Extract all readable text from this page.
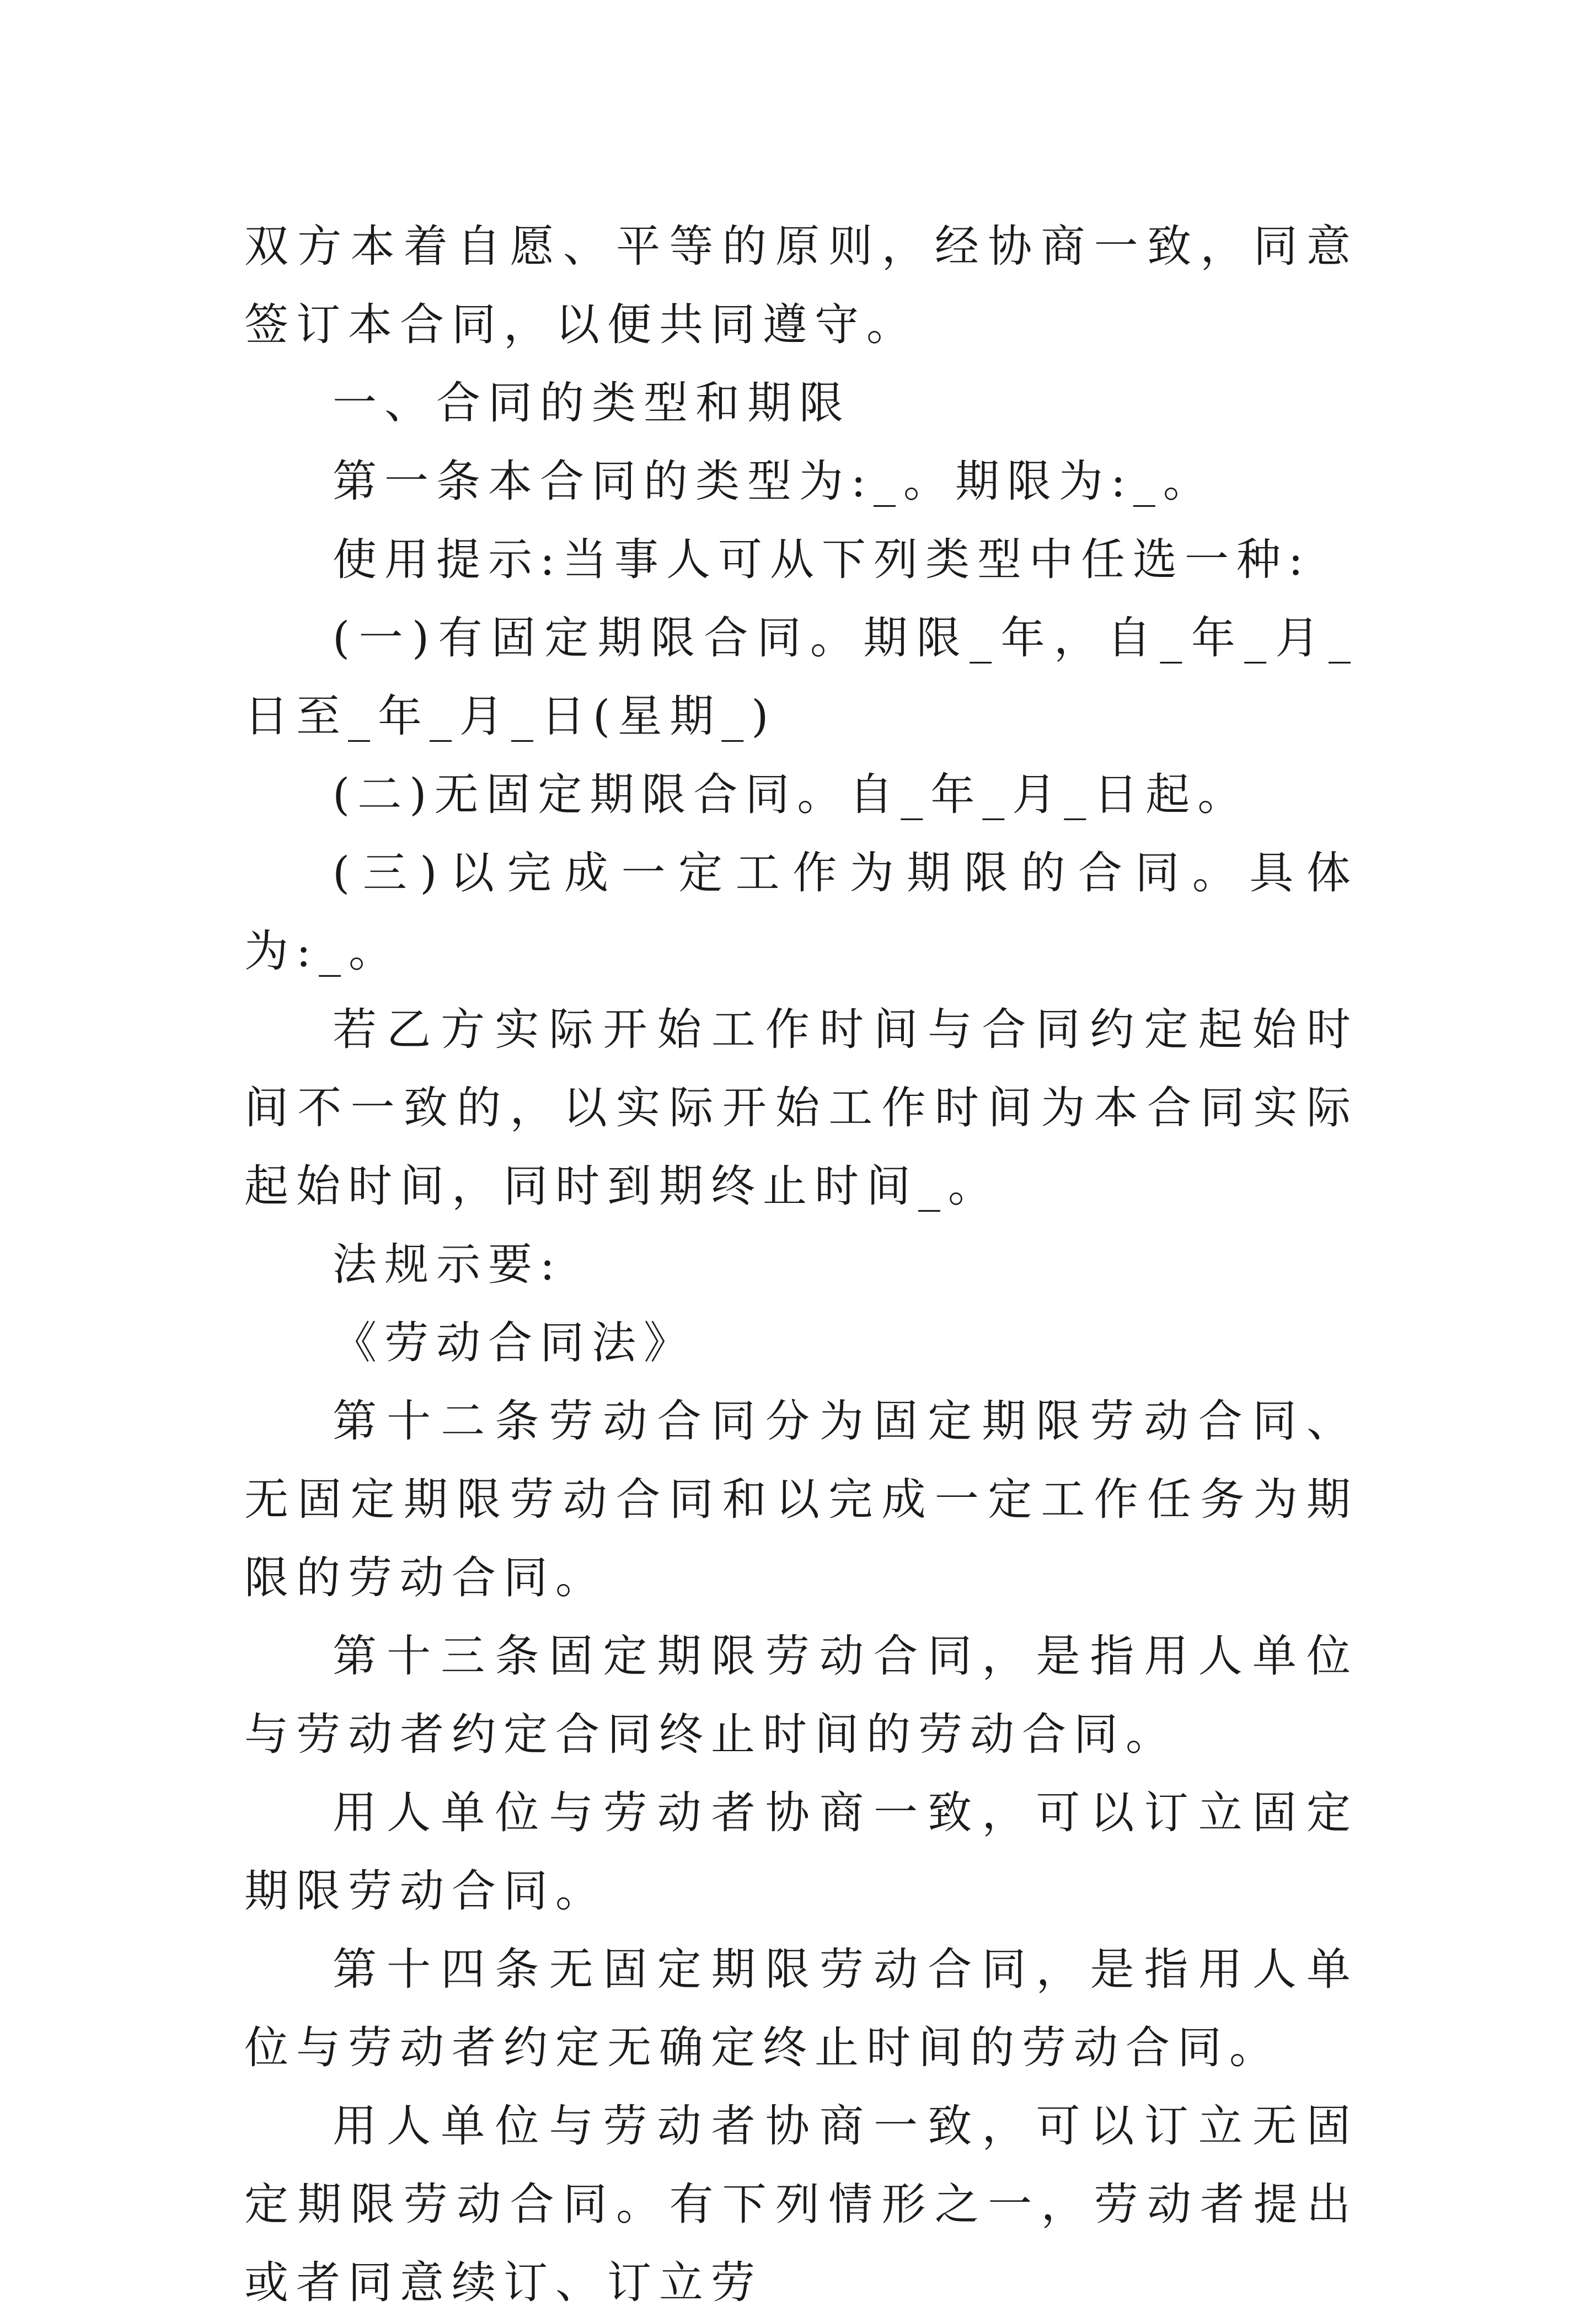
双方本着自愿、平等的原则，经协商一致，同意签订本合同，以便共同遵守。

一、合同的类型和期限

第一条本合同的类型为:_。期限为:_。

使用提示:当事人可从下列类型中任选一种:

(一)有固定期限合同。期限_年，自_年_月_日至_年_月_日(星期_)

(二)无固定期限合同。自_年_月_日起。

(三)以完成一定工作为期限的合同。具体为:_。

若乙方实际开始工作时间与合同约定起始时间不一致的，以实际开始工作时间为本合同实际起始时间，同时到期终止时间_。

法规示要:

《劳动合同法》

第十二条劳动合同分为固定期限劳动合同、无固定期限劳动合同和以完成一定工作任务为期限的劳动合同。

第十三条固定期限劳动合同，是指用人单位与劳动者约定合同终止时间的劳动合同。

用人单位与劳动者协商一致，可以订立固定期限劳动合同。

第十四条无固定期限劳动合同，是指用人单位与劳动者约定无确定终止时间的劳动合同。

用人单位与劳动者协商一致，可以订立无固定期限劳动合同。有下列情形之一，劳动者提出或者同意续订、订立劳
